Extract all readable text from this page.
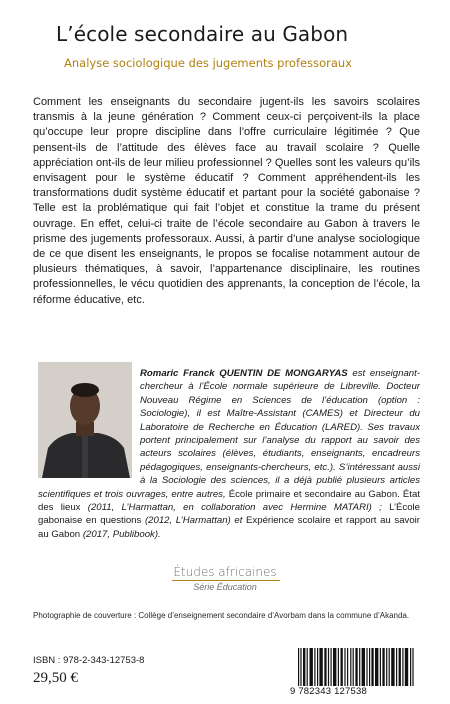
L’école secondaire au Gabon
Analyse sociologique des jugements professoraux
Comment les enseignants du secondaire jugent-ils les savoirs scolaires transmis à la jeune génération ? Comment ceux-ci perçoivent-ils la place qu’occupe leur propre discipline dans l’offre curriculaire légitimée ? Que pensent-ils de l’attitude des élèves face au travail scolaire ? Quelle appréciation ont-ils de leur milieu professionnel ? Quelles sont les valeurs qu’ils envisagent pour le système éducatif ? Comment appréhendent-ils les transformations dudit système éducatif et partant pour la société gabonaise ? Telle est la problématique qui fait l’objet et constitue la trame du présent ouvrage. En effet, celui-ci traite de l’école secondaire au Gabon à travers le prisme des jugements professoraux. Aussi, à partir d’une analyse sociologique de ce que disent les enseignants, le propos se focalise notamment autour de plusieurs thématiques, à savoir, l’appartenance disciplinaire, les routines professionnelles, le vécu quotidien des apprenants, la conception de l’école, la réforme éducative, etc.
Romaric Franck QUENTIN DE MONGARYAS est enseignant-chercheur à l’École normale supérieure de Libreville. Docteur Nouveau Régime en Sciences de l’éducation (option : Sociologie), il est Maître-Assistant (CAMES) et Directeur du Laboratoire de Recherche en Éducation (LARED). Ses travaux portent principalement sur l’analyse du rapport au savoir des acteurs scolaires (élèves, étudiants, enseignants, encadreurs pédagogiques, enseignants-chercheurs, etc.). S’intéressant aussi à la Sociologie des sciences, il a déjà publié plusieurs articles scientifiques et trois ouvrages, entre autres, École primaire et secondaire au Gabon. État des lieux (2011, L’Harmattan, en collaboration avec Hermine MATARI) ; L’École gabonaise en questions (2012, L’Harmattan) et Expérience scolaire et rapport au savoir au Gabon (2017, Publibook).
Études africaines
Série Éducation
Photographie de couverture : Collège d’enseignement secondaire d’Avorbam dans la commune d’Akanda.
ISBN : 978-2-343-12753-8
29,50 €
9 782343 127538
